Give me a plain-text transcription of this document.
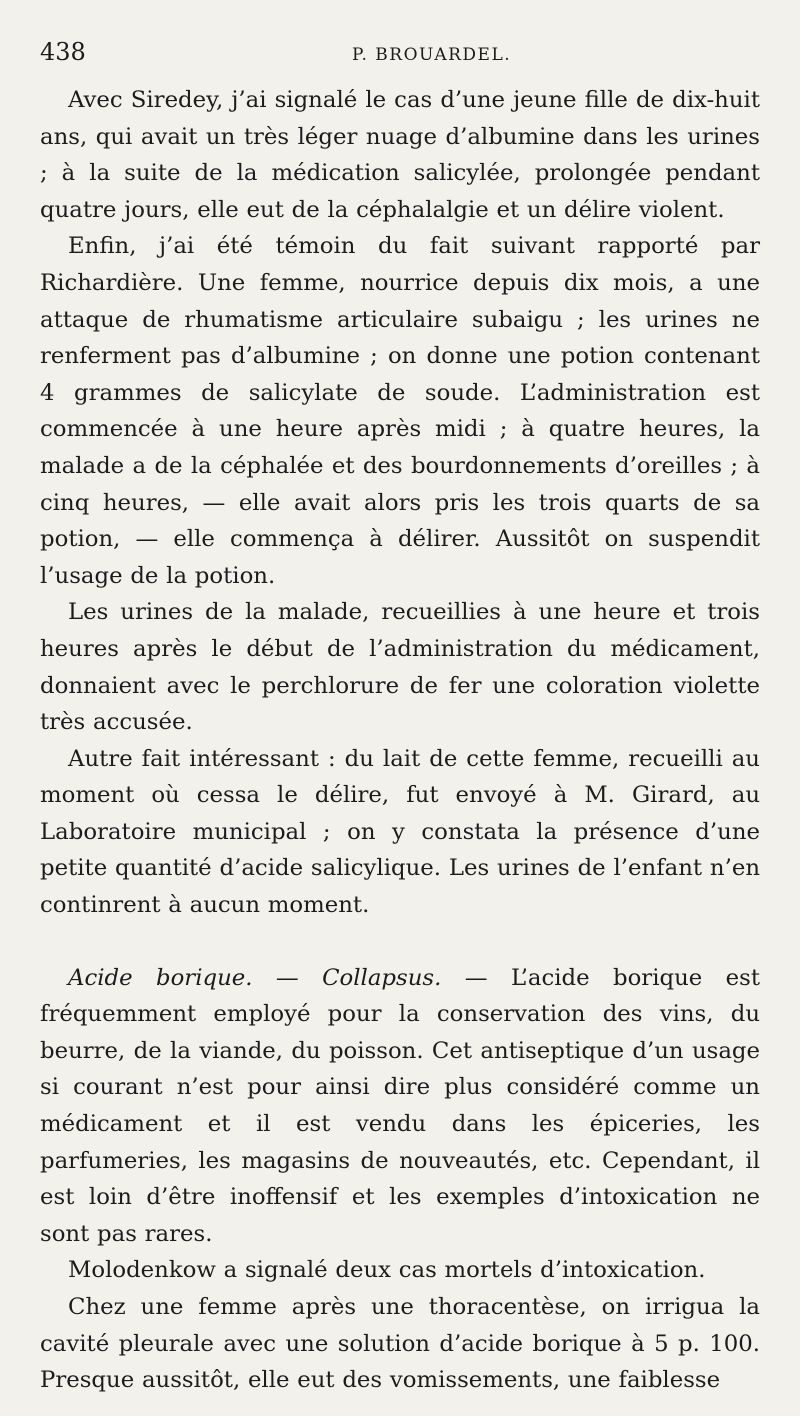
438	P. BROUARDEL.

Avec Siredey, j’ai signalé le cas d’une jeune fille de dix-huit ans, qui avait un très léger nuage d’albumine dans les urines ; à la suite de la médication salicylée, prolongée pendant quatre jours, elle eut de la céphalalgie et un délire violent.

Enfin, j’ai été témoin du fait suivant rapporté par Richardière. Une femme, nourrice depuis dix mois, a une attaque de rhumatisme articulaire subaigu ; les urines ne renferment pas d’albumine ; on donne une potion contenant 4 grammes de salicylate de soude. L’administration est commencée à une heure après midi ; à quatre heures, la malade a de la céphalée et des bourdonnements d’oreilles ; à cinq heures, — elle avait alors pris les trois quarts de sa potion, — elle commença à délirer. Aussitôt on suspendit l’usage de la potion.

Les urines de la malade, recueillies à une heure et trois heures après le début de l’administration du médicament, donnaient avec le perchlorure de fer une coloration violette très accusée.

Autre fait intéressant : du lait de cette femme, recueilli au moment où cessa le délire, fut envoyé à M. Girard, au Laboratoire municipal ; on y constata la présence d’une petite quantité d’acide salicylique. Les urines de l’enfant n’en continrent à aucun moment.

Acide borique. — Collapsus. — L’acide borique est fréquemment employé pour la conservation des vins, du beurre, de la viande, du poisson. Cet antiseptique d’un usage si courant n’est pour ainsi dire plus considéré comme un médicament et il est vendu dans les épiceries, les parfumeries, les magasins de nouveautés, etc. Cependant, il est loin d’être inoffensif et les exemples d’intoxication ne sont pas rares.

Molodenkow a signalé deux cas mortels d’intoxication.

Chez une femme après une thoracentèse, on irrigua la cavité pleurale avec une solution d’acide borique à 5 p. 100. Presque aussitôt, elle eut des vomissements, une faiblesse
